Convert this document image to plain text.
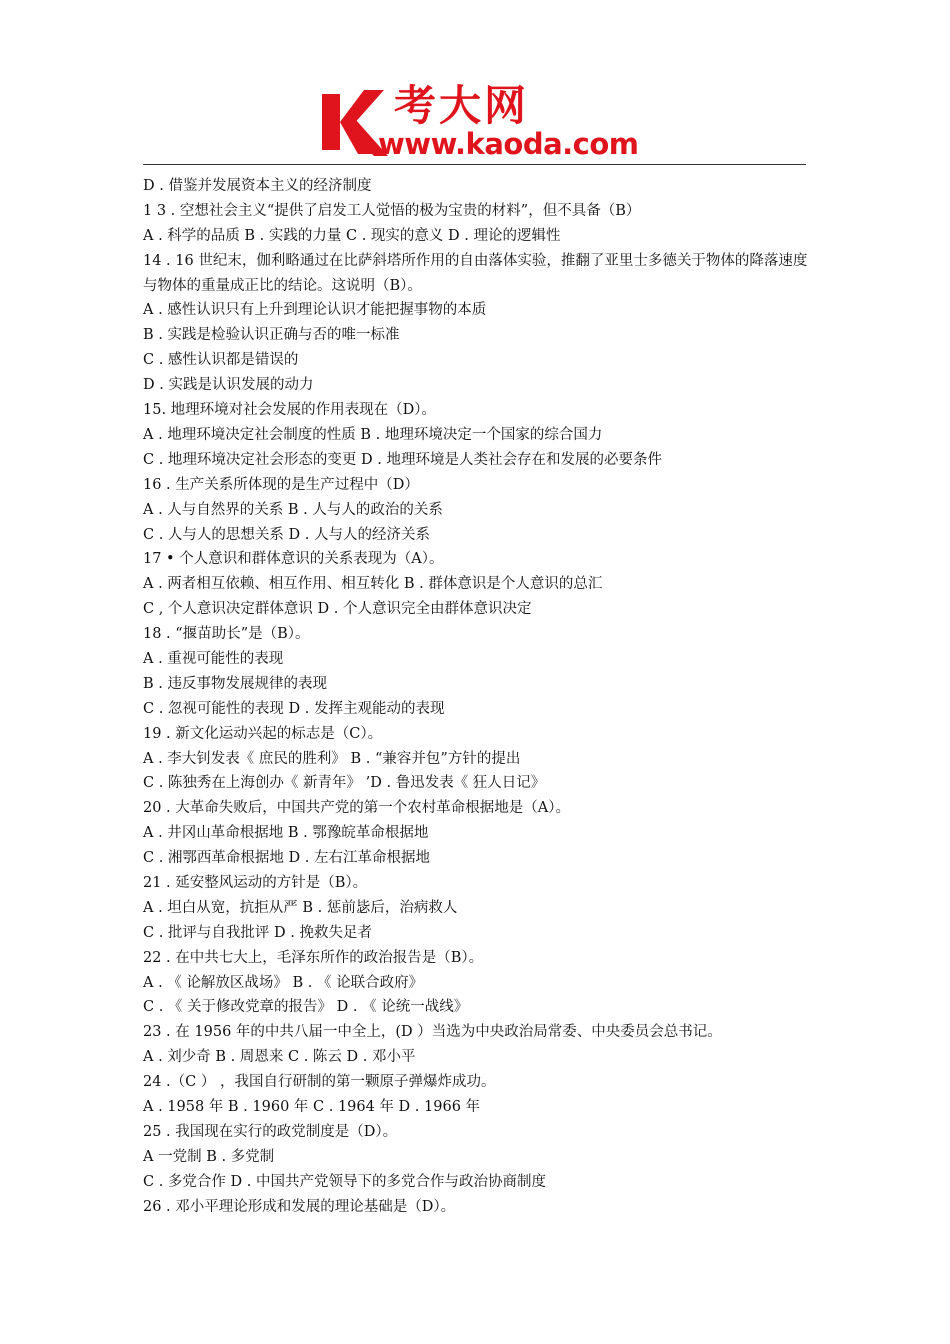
考大网
www.kaoda.com
D . 借鉴并发展资本主义的经济制度
1 3 . 空想社会主义“提供了启发工人觉悟的极为宝贵的材料”，但不具备（B）
A . 科学的品质 B . 实践的力量 C . 现实的意义 D . 理论的逻辑性
14 . 16 世纪末，伽利略通过在比萨斜塔所作用的自由落体实验，推翻了亚里士多德关于物体的降落速度与物体的重量成正比的结论。这说明（B）。
A . 感性认识只有上升到理论认识才能把握事物的本质
B . 实践是检验认识正确与否的唯一标准
C . 感性认识都是错误的
D . 实践是认识发展的动力
15. 地理环境对社会发展的作用表现在（D）。
A . 地理环境决定社会制度的性质 B . 地理环境决定一个国家的综合国力
C . 地理环境决定社会形态的变更 D . 地理环境是人类社会存在和发展的必要条件
16 . 生产关系所体现的是生产过程中（D）
A . 人与自然界的关系 B . 人与人的政治的关系
C . 人与人的思想关系 D . 人与人的经济关系
17 • 个人意识和群体意识的关系表现为（A）。
A . 两者相互依赖、相互作用、相互转化 B . 群体意识是个人意识的总汇
C , 个人意识决定群体意识 D . 个人意识完全由群体意识决定
18 . “揠苗助长”是（B）。
A . 重视可能性的表现
B . 违反事物发展规律的表现
C . 忽视可能性的表现 D . 发挥主观能动的表现
19 . 新文化运动兴起的标志是（C）。
A . 李大钊发表《 庶民的胜利》 B . “兼容并包”方针的提出
C . 陈独秀在上海创办《 新青年》 ’D . 鲁迅发表《 狂人日记》
20 . 大革命失败后，中国共产党的第一个农村革命根据地是（A）。
A . 井冈山革命根据地 B . 鄂豫皖革命根据地
C . 湘鄂西革命根据地 D . 左右江革命根据地
21 . 延安整风运动的方针是（B）。
A . 坦白从宽，抗拒从严 B . 惩前毖后，治病救人
C . 批评与自我批评 D . 挽救失足者
22 . 在中共七大上，毛泽东所作的政治报告是（B）。
A . 《 论解放区战场》 B . 《 论联合政府》
C . 《 关于修改党章的报告》 D . 《 论统一战线》
23 . 在 1956 年的中共八届一中全上，(D ）当选为中央政治局常委、中央委员会总书记。
A . 刘少奇 B . 周恩来 C . 陈云 D . 邓小平
24 .（C ） ，我国自行研制的第一颗原子弹爆炸成功。
A . 1958 年 B . 1960 年 C . 1964 年 D . 1966 年
25 . 我国现在实行的政党制度是（D）。
A 一党制 B . 多党制
C . 多党合作 D . 中国共产党领导下的多党合作与政治协商制度
26 . 邓小平理论形成和发展的理论基础是（D）。
